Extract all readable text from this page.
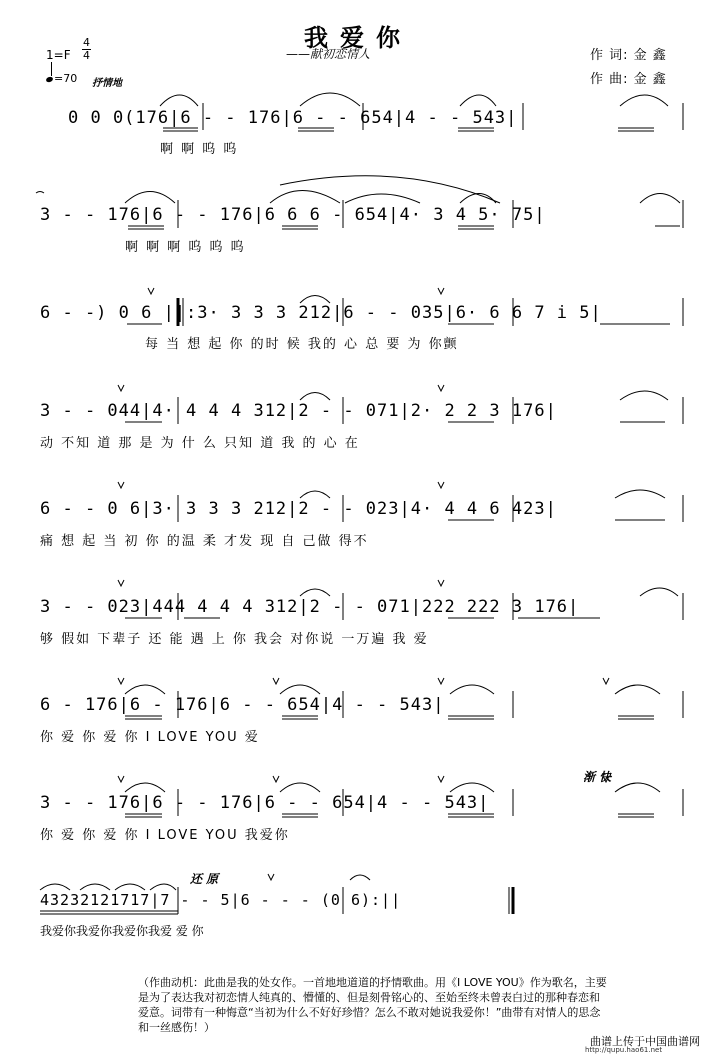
我爱你
——献初恋情人	作 词: 金 鑫
作 曲: 金 鑫
1=F
4
4
=70 抒情地
0 0 0(176|6 - - 176|6 - - 654|4 - - 543|
啊 啊 呜 呜
3 - - 176|6 - - 176|6 6 6 - 654|4· 3 4 5· 75|
啊 啊 啊 呜 呜 呜
6 - -) 0 6 ||:3· 3 3 3 212|6 - - 035|6· 6 6 7 i 5|
每 当 想 起 你 的时 候 我的 心 总 要 为 你颤
3 - - 044|4· 4 4 4 312|2 - - 071|2· 2 2 3 176|
动 不知 道 那 是 为 什 么 只知 道 我 的 心 在
6 - - 0 6|3· 3 3 3 212|2 - - 023|4· 4 4 6 423|
痛 想 起 当 初 你 的温 柔 才发 现 自 己做 得不
3 - - 023|444 4 4 4 312|2 - - 071|222 222 3 176|
够 假如 下辈子 还 能 遇 上 你 我会 对你说 一万遍 我 爱
6 - 176|6 - 176|6 - - 654|4 - - 543|
你 爱 你 爱 你 I LOVE YOU 爱
渐 快
3 - - 176|6 - - 176|6 - - 654|4 - - 543|
你 爱 你 爱 你 I LOVE YOU 我爱你
还 原
43232121717|7 - - 5|6 - - - (0 6):||
我爱你我爱你我爱你我爱 爱 你
（作曲动机：此曲是我的处女作。一首地地道道的抒情歌曲。用《I LOVE YOU》作为歌名，主要是为了表达我对初恋情人纯真的、懵懂的、但是刻骨铭心的、至始至终未曾表白过的那种春恋和爱意。词带有一种悔意“当初为什么不好好珍惜？怎么不敢对她说我爱你！”曲带有对情人的思念和一丝感伤！）
曲谱上传于中国曲谱网
http://qupu.hao61.net
